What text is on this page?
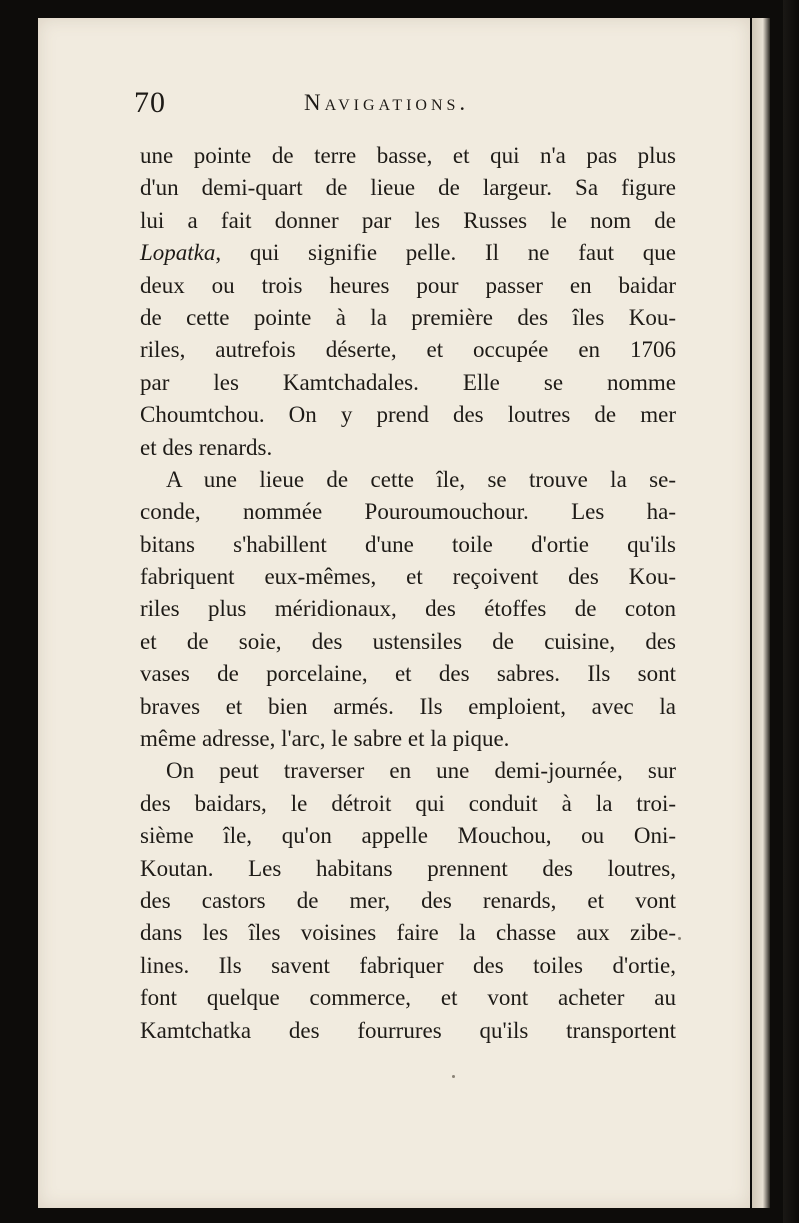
70	Navigations.
une pointe de terre basse, et qui n'a pas plus
d'un demi-quart de lieue de largeur. Sa figure
lui a fait donner par les Russes le nom de
Lopatka, qui signifie pelle. Il ne faut que
deux ou trois heures pour passer en baidar
de cette pointe à la première des îles Kou-
riles, autrefois déserte, et occupée en 1706
par les Kamtchadales. Elle se nomme
Choumtchou. On y prend des loutres de mer
et des renards.
A une lieue de cette île, se trouve la se-
conde, nommée Pouroumouchour. Les ha-
bitans s'habillent d'une toile d'ortie qu'ils
fabriquent eux-mêmes, et reçoivent des Kou-
riles plus méridionaux, des étoffes de coton
et de soie, des ustensiles de cuisine, des
vases de porcelaine, et des sabres. Ils sont
braves et bien armés. Ils emploient, avec la
même adresse, l'arc, le sabre et la pique.
On peut traverser en une demi-journée, sur
des baidars, le détroit qui conduit à la troi-
sième île, qu'on appelle Mouchou, ou Oni-
Koutan. Les habitans prennent des loutres,
des castors de mer, des renards, et vont
dans les îles voisines faire la chasse aux zibe-
lines. Ils savent fabriquer des toiles d'ortie,
font quelque commerce, et vont acheter au
Kamtchatka des fourrures qu'ils transportent
